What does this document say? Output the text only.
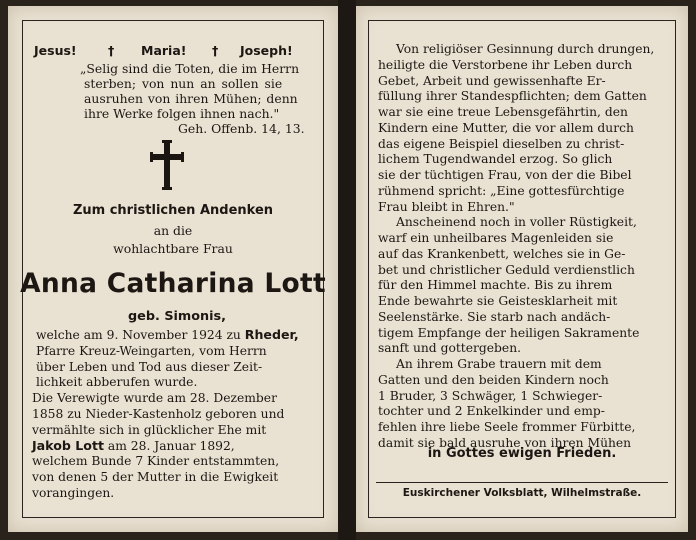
Jesus!	† Maria! † Joseph!
„Selig sind die Toten, die im Herrn
sterben; von nun an sollen sie
ausruhen von ihren Mühen; denn
ihre Werke folgen ihnen nach."
Geh. Offenb. 14, 13.
Zum christlichen Andenken
an die
wohlachtbare Frau
Anna Catharina Lott
geb. Simonis,
welche am 9. November 1924 zu Rheder,
Pfarre Kreuz-Weingarten, vom Herrn
über Leben und Tod aus dieser Zeit-
lichkeit abberufen wurde.
Die Verewigte wurde am 28. Dezember
1858 zu Nieder-Kastenholz geboren und
vermählte sich in glücklicher Ehe mit
Jakob Lott am 28. Januar 1892,
welchem Bunde 7 Kinder entstammten,
von denen 5 der Mutter in die Ewigkeit
vorangingen.
Von religiöser Gesinnung durch drungen,
heiligte die Verstorbene ihr Leben durch
Gebet, Arbeit und gewissenhafte Er-
füllung ihrer Standespflichten; dem Gatten
war sie eine treue Lebensgefährtin, den
Kindern eine Mutter, die vor allem durch
das eigene Beispiel dieselben zu christ-
lichem Tugendwandel erzog. So glich
sie der tüchtigen Frau, von der die Bibel
rühmend spricht: „Eine gottesfürchtige
Frau bleibt in Ehren."
Anscheinend noch in voller Rüstigkeit,
warf ein unheilbares Magenleiden sie
auf das Krankenbett, welches sie in Ge-
bet und christlicher Geduld verdienstlich
für den Himmel machte. Bis zu ihrem
Ende bewahrte sie Geistesklarheit mit
Seelenstärke. Sie starb nach andäch-
tigem Empfange der heiligen Sakramente
sanft und gottergeben.
An ihrem Grabe trauern mit dem
Gatten und den beiden Kindern noch
1 Bruder, 3 Schwäger, 1 Schwieger-
tochter und 2 Enkelkinder und emp-
fehlen ihre liebe Seele frommer Fürbitte,
damit sie bald ausruhe von ihren Mühen
in Gottes ewigen Frieden.
Euskirchener Volksblatt, Wilhelmstraße.
